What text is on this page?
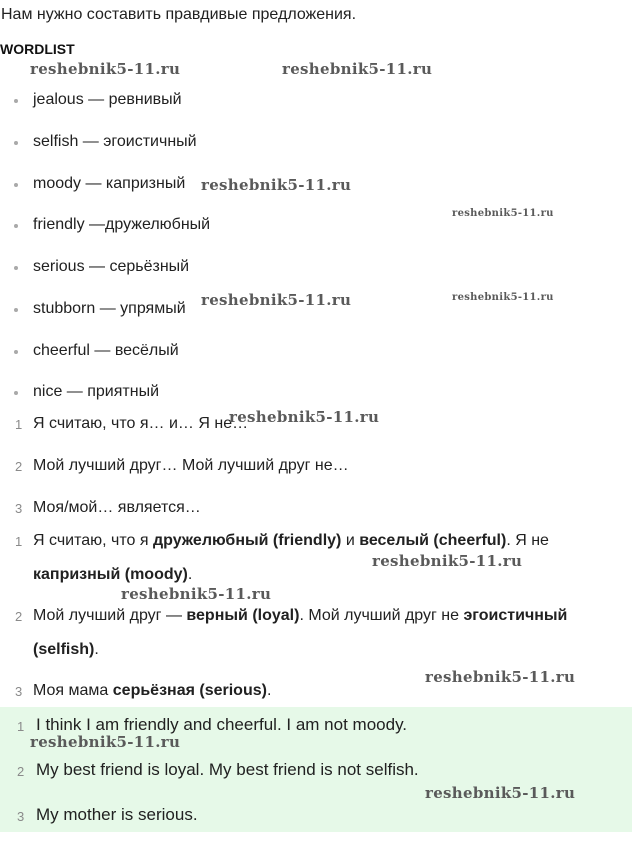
Нам нужно составить правдивые предложения.
WORDLIST
jealous — ревнивый
selfish — эгоистичный
moody — капризный
friendly —дружелюбный
serious — серьёзный
stubborn — упрямый
cheerful — весёлый
nice — приятный
1 Я считаю, что я… и… Я не…
2 Мой лучший друг… Мой лучший друг не…
3 Моя/мой… является…
1 Я считаю, что я дружелюбный (friendly) и веселый (cheerful). Я не
капризный (moody).
2 Мой лучший друг — верный (loyal). Мой лучший друг не эгоистичный
(selfish).
3 Моя мама серьёзная (serious).
1 I think I am friendly and cheerful. I am not moody.
2 My best friend is loyal. My best friend is not selfish.
3 My mother is serious.
reshebnik5-11.ru	reshebnik5-11.ru
reshebnik5-11.ru
reshebnik5-11.ru
reshebnik5-11.ru	reshebnik5-11.ru
reshebnik5-11.ru
reshebnik5-11.ru
reshebnik5-11.ru
reshebnik5-11.ru
reshebnik5-11.ru
reshebnik5-11.ru
